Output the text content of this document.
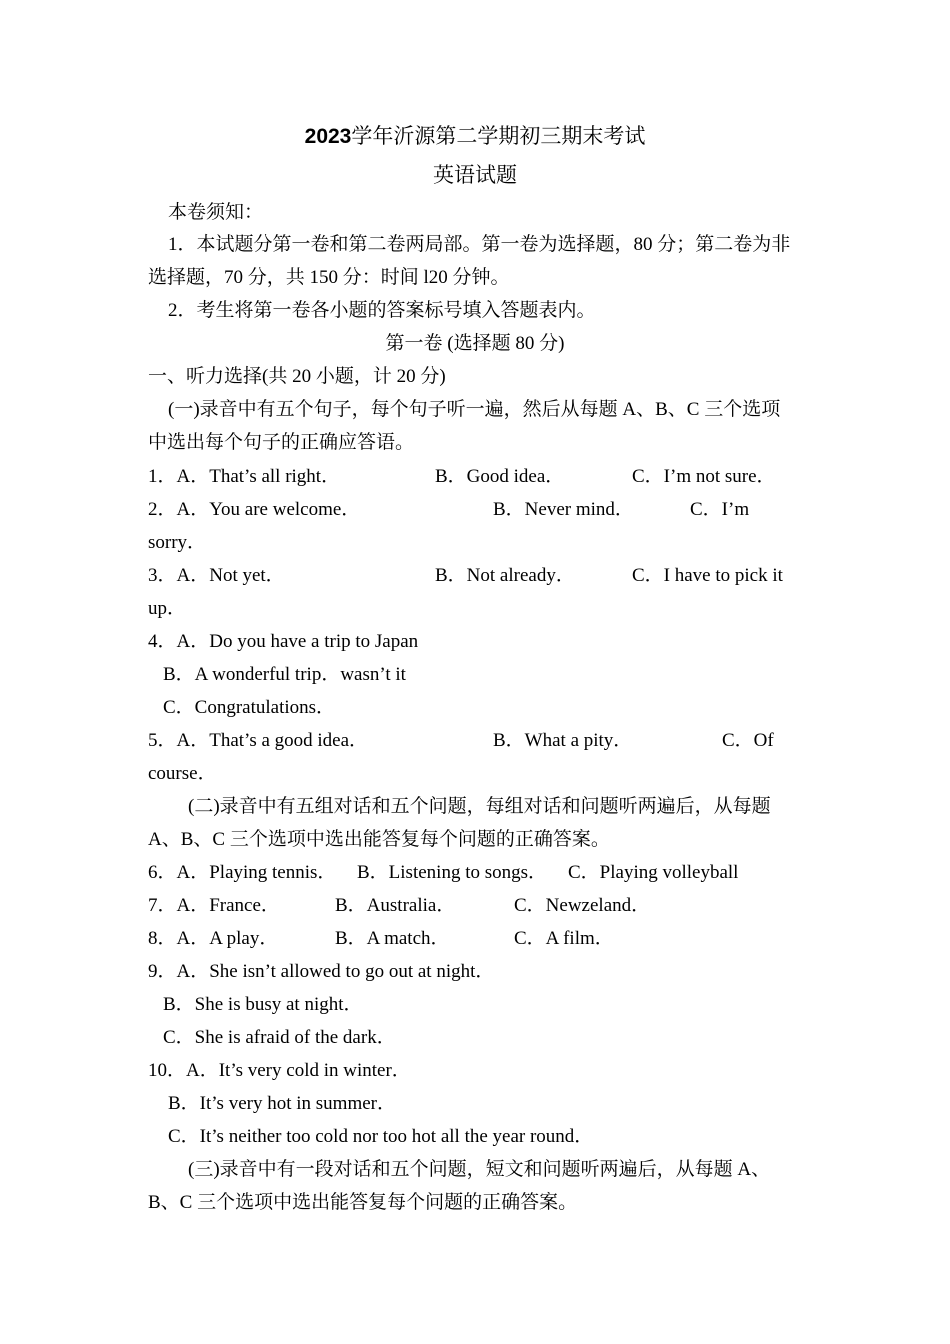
2023学年沂源第二学期初三期末考试
英语试题
本卷须知：
1．本试题分第一卷和第二卷两局部。第一卷为选择题，80 分；第二卷为非
选择题，70 分，共 150 分：时间 l20 分钟。
2．考生将第一卷各小题的答案标号填入答题表内。
第一卷 (选择题 80 分)
一、听力选择(共 20 小题，计 20 分)
(一)录音中有五个句子，每个句子听一遍，然后从每题 A、B、C 三个选项
中选出每个句子的正确应答语。
1．A．That’s all right．	B．Good idea．	C．I’m not sure．
2．A．You are welcome．	B．Never mind．	C．I’m
sorry．
3．A．Not yet．	B．Not already．	C．I have to pick it
up．
4．A．Do you have a trip to Japan
B．A wonderful trip．wasn’t it
C．Congratulations．
5．A．That’s a good idea．	B．What a pity．	C．Of
course．
(二)录音中有五组对话和五个问题，每组对话和问题听两遍后，从每题
A、B、C 三个选项中选出能答复每个问题的正确答案。
6．A．Playing tennis． B．Listening to songs． C．Playing volleyball
7．A．France．	B．Australia．	C．Newzeland．
8．A．A play．	B．A match．	C．A film．
9．A．She isn’t allowed to go out at night．
B．She is busy at night．
C．She is afraid of the dark．
10．A．It’s very cold in winter．
B．It’s very hot in summer．
C．It’s neither too cold nor too hot all the year round．
(三)录音中有一段对话和五个问题，短文和问题听两遍后，从每题 A、
B、C 三个选项中选出能答复每个问题的正确答案。
